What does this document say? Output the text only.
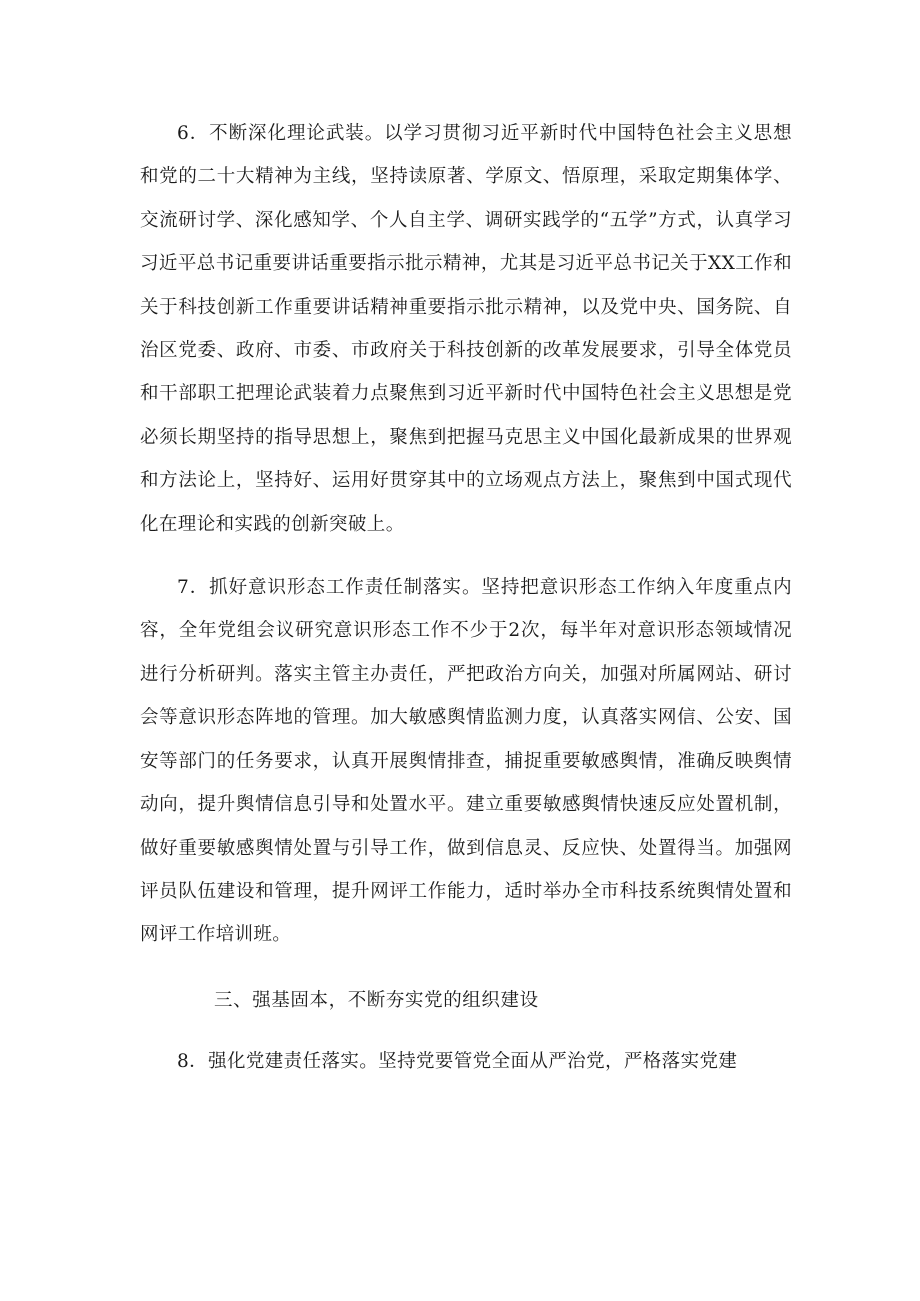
6．不断深化理论武装。以学习贯彻习近平新时代中国特色社会主义思想和党的二十大精神为主线，坚持读原著、学原文、悟原理，采取定期集体学、交流研讨学、深化感知学、个人自主学、调研实践学的“五学”方式，认真学习习近平总书记重要讲话重要指示批示精神，尤其是习近平总书记关于XX工作和关于科技创新工作重要讲话精神重要指示批示精神，以及党中央、国务院、自治区党委、政府、市委、市政府关于科技创新的改革发展要求，引导全体党员和干部职工把理论武装着力点聚焦到习近平新时代中国特色社会主义思想是党必须长期坚持的指导思想上，聚焦到把握马克思主义中国化最新成果的世界观和方法论上，坚持好、运用好贯穿其中的立场观点方法上，聚焦到中国式现代化在理论和实践的创新突破上。

7．抓好意识形态工作责任制落实。坚持把意识形态工作纳入年度重点内容，全年党组会议研究意识形态工作不少于2次，每半年对意识形态领域情况进行分析研判。落实主管主办责任，严把政治方向关，加强对所属网站、研讨会等意识形态阵地的管理。加大敏感舆情监测力度，认真落实网信、公安、国安等部门的任务要求，认真开展舆情排查，捕捉重要敏感舆情，准确反映舆情动向，提升舆情信息引导和处置水平。建立重要敏感舆情快速反应处置机制，做好重要敏感舆情处置与引导工作，做到信息灵、反应快、处置得当。加强网评员队伍建设和管理，提升网评工作能力，适时举办全市科技系统舆情处置和网评工作培训班。

三、强基固本，不断夯实党的组织建设

8．强化党建责任落实。坚持党要管党全面从严治党，严格落实党建
